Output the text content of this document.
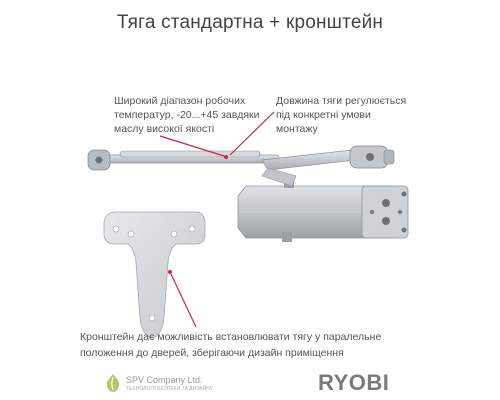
Тяга стандартна + кронштейн
Широкий діапазон робочих
температур, -20...+45 завдяки
маслу високої якості
Довжина тяги регулюється
під конкретні умови
монтажу
Кронштейн дає можливість встановлювати тягу у паралельне
положення до дверей, зберігаючи дизайн приміщення
SPV Company Ltd.
ТЕХНОЛОГІЇ БЕЗПЕКИ ТА ДИЗАЙНУ	RYOBI
